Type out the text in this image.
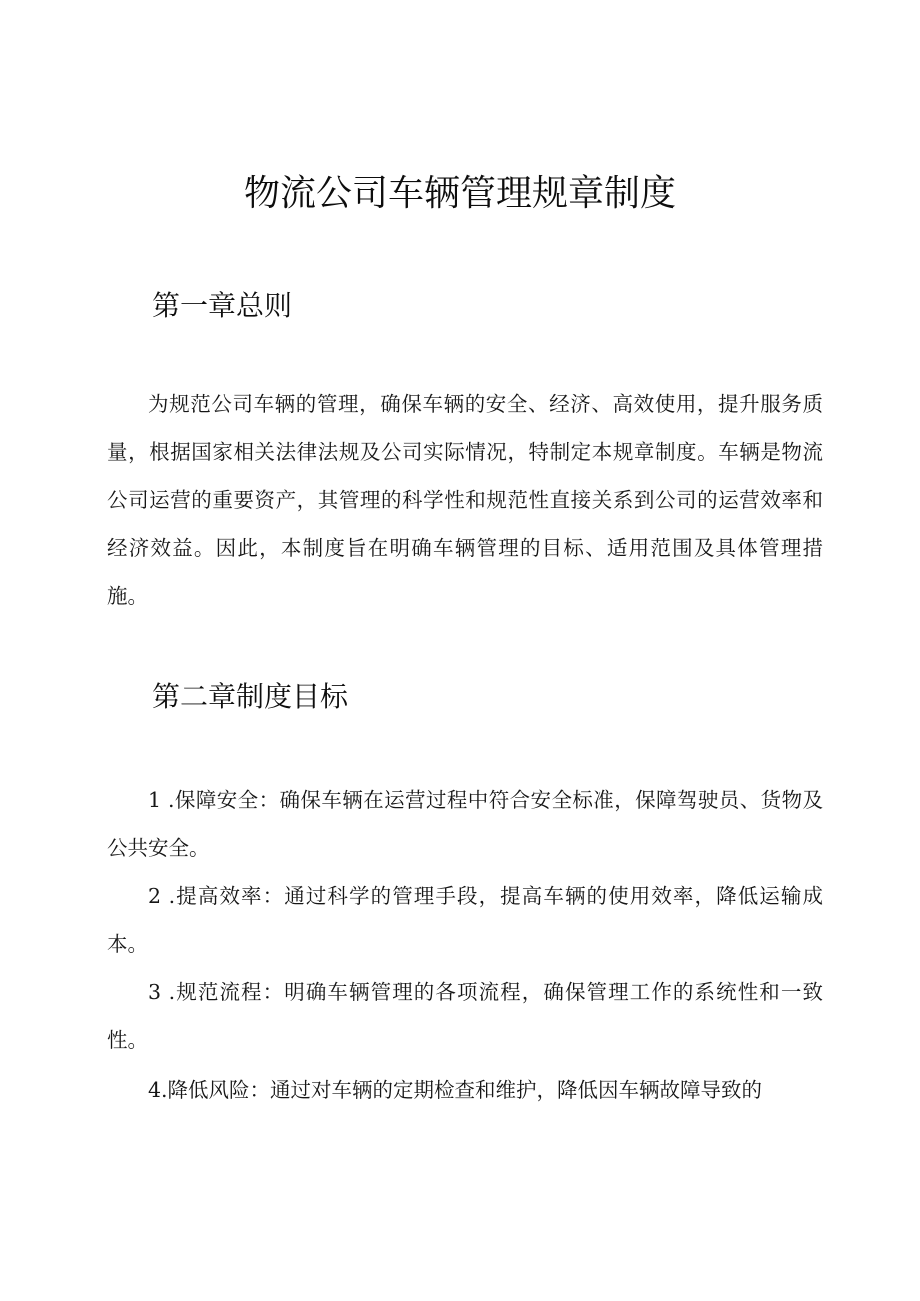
物流公司车辆管理规章制度
第一章总则

为规范公司车辆的管理，确保车辆的安全、经济、高效使用，提升服务质量，根据国家相关法律法规及公司实际情况，特制定本规章制度。车辆是物流公司运营的重要资产，其管理的科学性和规范性直接关系到公司的运营效率和经济效益。因此，本制度旨在明确车辆管理的目标、适用范围及具体管理措施。

第二章制度目标

1 .保障安全：确保车辆在运营过程中符合安全标准，保障驾驶员、货物及公共安全。

2 .提高效率：通过科学的管理手段，提高车辆的使用效率，降低运输成本。

3 .规范流程：明确车辆管理的各项流程，确保管理工作的系统性和一致性。

4.降低风险：通过对车辆的定期检查和维护，降低因车辆故障导致的
